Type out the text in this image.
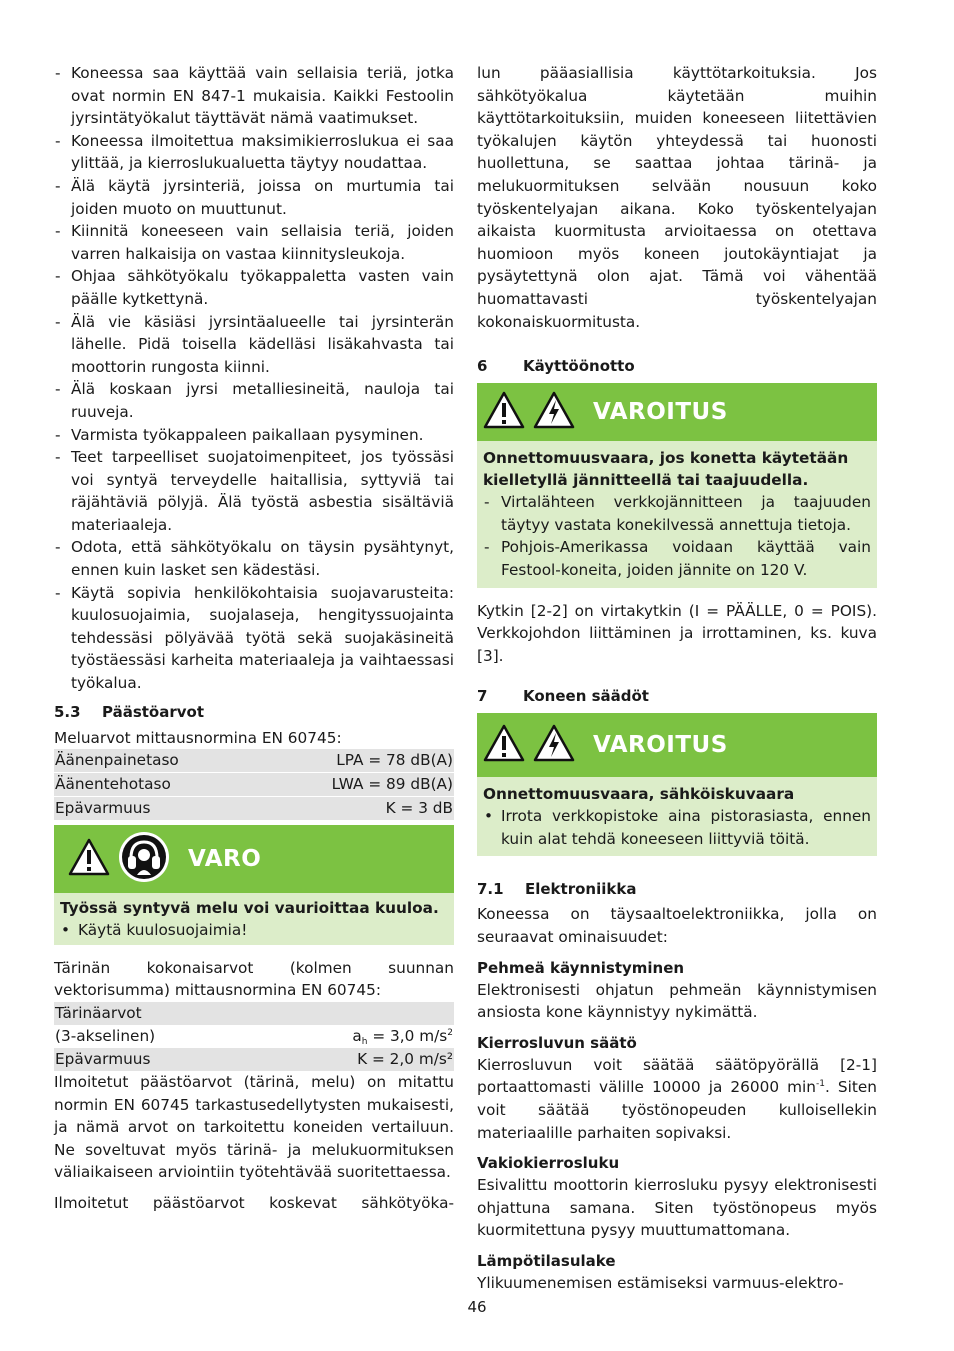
- Koneessa saa käyttää vain sellaisia teriä, jotka ovat normin EN 847-1 mukaisia. Kaikki Festoolin jyrsintätyökalut täyttävät nämä vaatimukset.
- Koneessa ilmoitettua maksimikierroslukua ei saa ylittää, ja kierroslukualuetta täytyy noudattaa.
- Älä käytä jyrsinteriä, joissa on murtumia tai joiden muoto on muuttunut.
- Kiinnitä koneeseen vain sellaisia teriä, joiden varren halkaisija on vastaa kiinnitysleukoja.
- Ohjaa sähkötyökalu työkappaletta vasten vain päälle kytkettynä.
- Älä vie käsiäsi jyrsintäalueelle tai jyrsinterän lähelle. Pidä toisella kädelläsi lisäkahvasta tai moottorin rungosta kiinni.
- Älä koskaan jyrsi metalliesineitä, nauloja tai ruuveja.
- Varmista työkappaleen paikallaan pysyminen.
- Teet tarpeelliset suojatoimenpiteet, jos työssäsi voi syntyä terveydelle haitallisia, syttyviä tai räjähtäviä pölyjä. Älä työstä asbestia sisältäviä materiaaleja.
- Odota, että sähkötyökalu on täysin pysähtynyt, ennen kuin lasket sen kädestäsi.
- Käytä sopivia henkilökohtaisia suojavarusteita: kuulosuojaimia, suojalaseja, hengityssuojainta tehdessäsi pölyävää työtä sekä suojakäsineitä työstäessäsi karheita materiaaleja ja vaihtaessasi työkalua.
5.3	Päästöarvot
Meluarvot mittausnormina EN 60745:
Äänenpainetaso	LPA = 78 dB(A)
Äänentehotaso	LWA = 89 dB(A)
Epävarmuus	K = 3 dB
VARO
Työssä syntyvä melu voi vaurioittaa kuuloa.
• Käytä kuulosuojaimia!
Tärinän kokonaisarvot (kolmen suunnan vektorisumma) mittausnormina EN 60745:
Tärinäarvot
(3-akselinen)	$a_h = 3,0$ $m/s^2$
Epävarmuus	K = 2,0 m/s²
Ilmoitetut päästöarvot (tärinä, melu) on mitattu normin EN 60745 tarkastusedellytysten mukaisesti, ja nämä arvot on tarkoitettu koneiden vertailuun. Ne soveltuvat myös tärinä- ja melukuormituksen väliaikaiseen arviointiin työtehtävää suoritettaessa.
Ilmoitetut päästöarvot koskevat sähkötyöka-
lun pääasiallisia käyttötarkoituksia. Jos sähkötyökalua käytetään muihin käyttötarkoituksiin, muiden koneeseen liitettävien työkalujen käytön yhteydessä tai huonosti huollettuna, se saattaa johtaa tärinä- ja melukuormituksen selvään nousuun koko työskentelyajan aikana. Koko työskentelyajan aikaista kuormitusta arvioitaessa on otettava huomioon myös koneen joutokäyntiajat ja pysäytettynä olon ajat. Tämä voi vähentää huomattavasti työskentelyajan kokonaiskuormitusta.
6	Käyttöönotto
VAROITUS
Onnettomuusvaara, jos konetta käytetään kielletyllä jännitteellä tai taajuudella.
- Virtalähteen verkkojännitteen ja taajuuden täytyy vastata konekilvessä annettuja tietoja.
- Pohjois-Amerikassa voidaan käyttää vain Festool-koneita, joiden jännite on 120 V.
Kytkin [2-2] on virtakytkin (I = PÄÄLLE, 0 = POIS). Verkkojohdon liittäminen ja irrottaminen, ks. kuva [3].
7	Koneen säädöt
VAROITUS
Onnettomuusvaara, sähköiskuvaara
• Irrota verkkopistoke aina pistorasiasta, ennen kuin alat tehdä koneeseen liittyviä töitä.
7.1	Elektroniikka
Koneessa on täysaaltoelektroniikka, jolla on seuraavat ominaisuudet:
Pehmeä käynnistyminen
Elektronisesti ohjatun pehmeän käynnistymisen ansiosta kone käynnistyy nykimättä.
Kierrosluvun säätö
Kierrosluvun voit säätää säätöpyörällä [2-1] portaattomasti välille 10000 ja 26000 $\min^{-1}$. Siten voit säätää työstönopeuden kulloisellekin materiaalille parhaiten sopivaksi.
Vakiokierrosluku
Esivalittu moottorin kierrosluku pysyy elektronisesti ohjattuna samana. Siten työstönopeus myös kuormitettuna pysyy muuttumattomana.
Lämpötilasulake
Ylikuumenemisen estämiseksi varmuus-elektro-
46
